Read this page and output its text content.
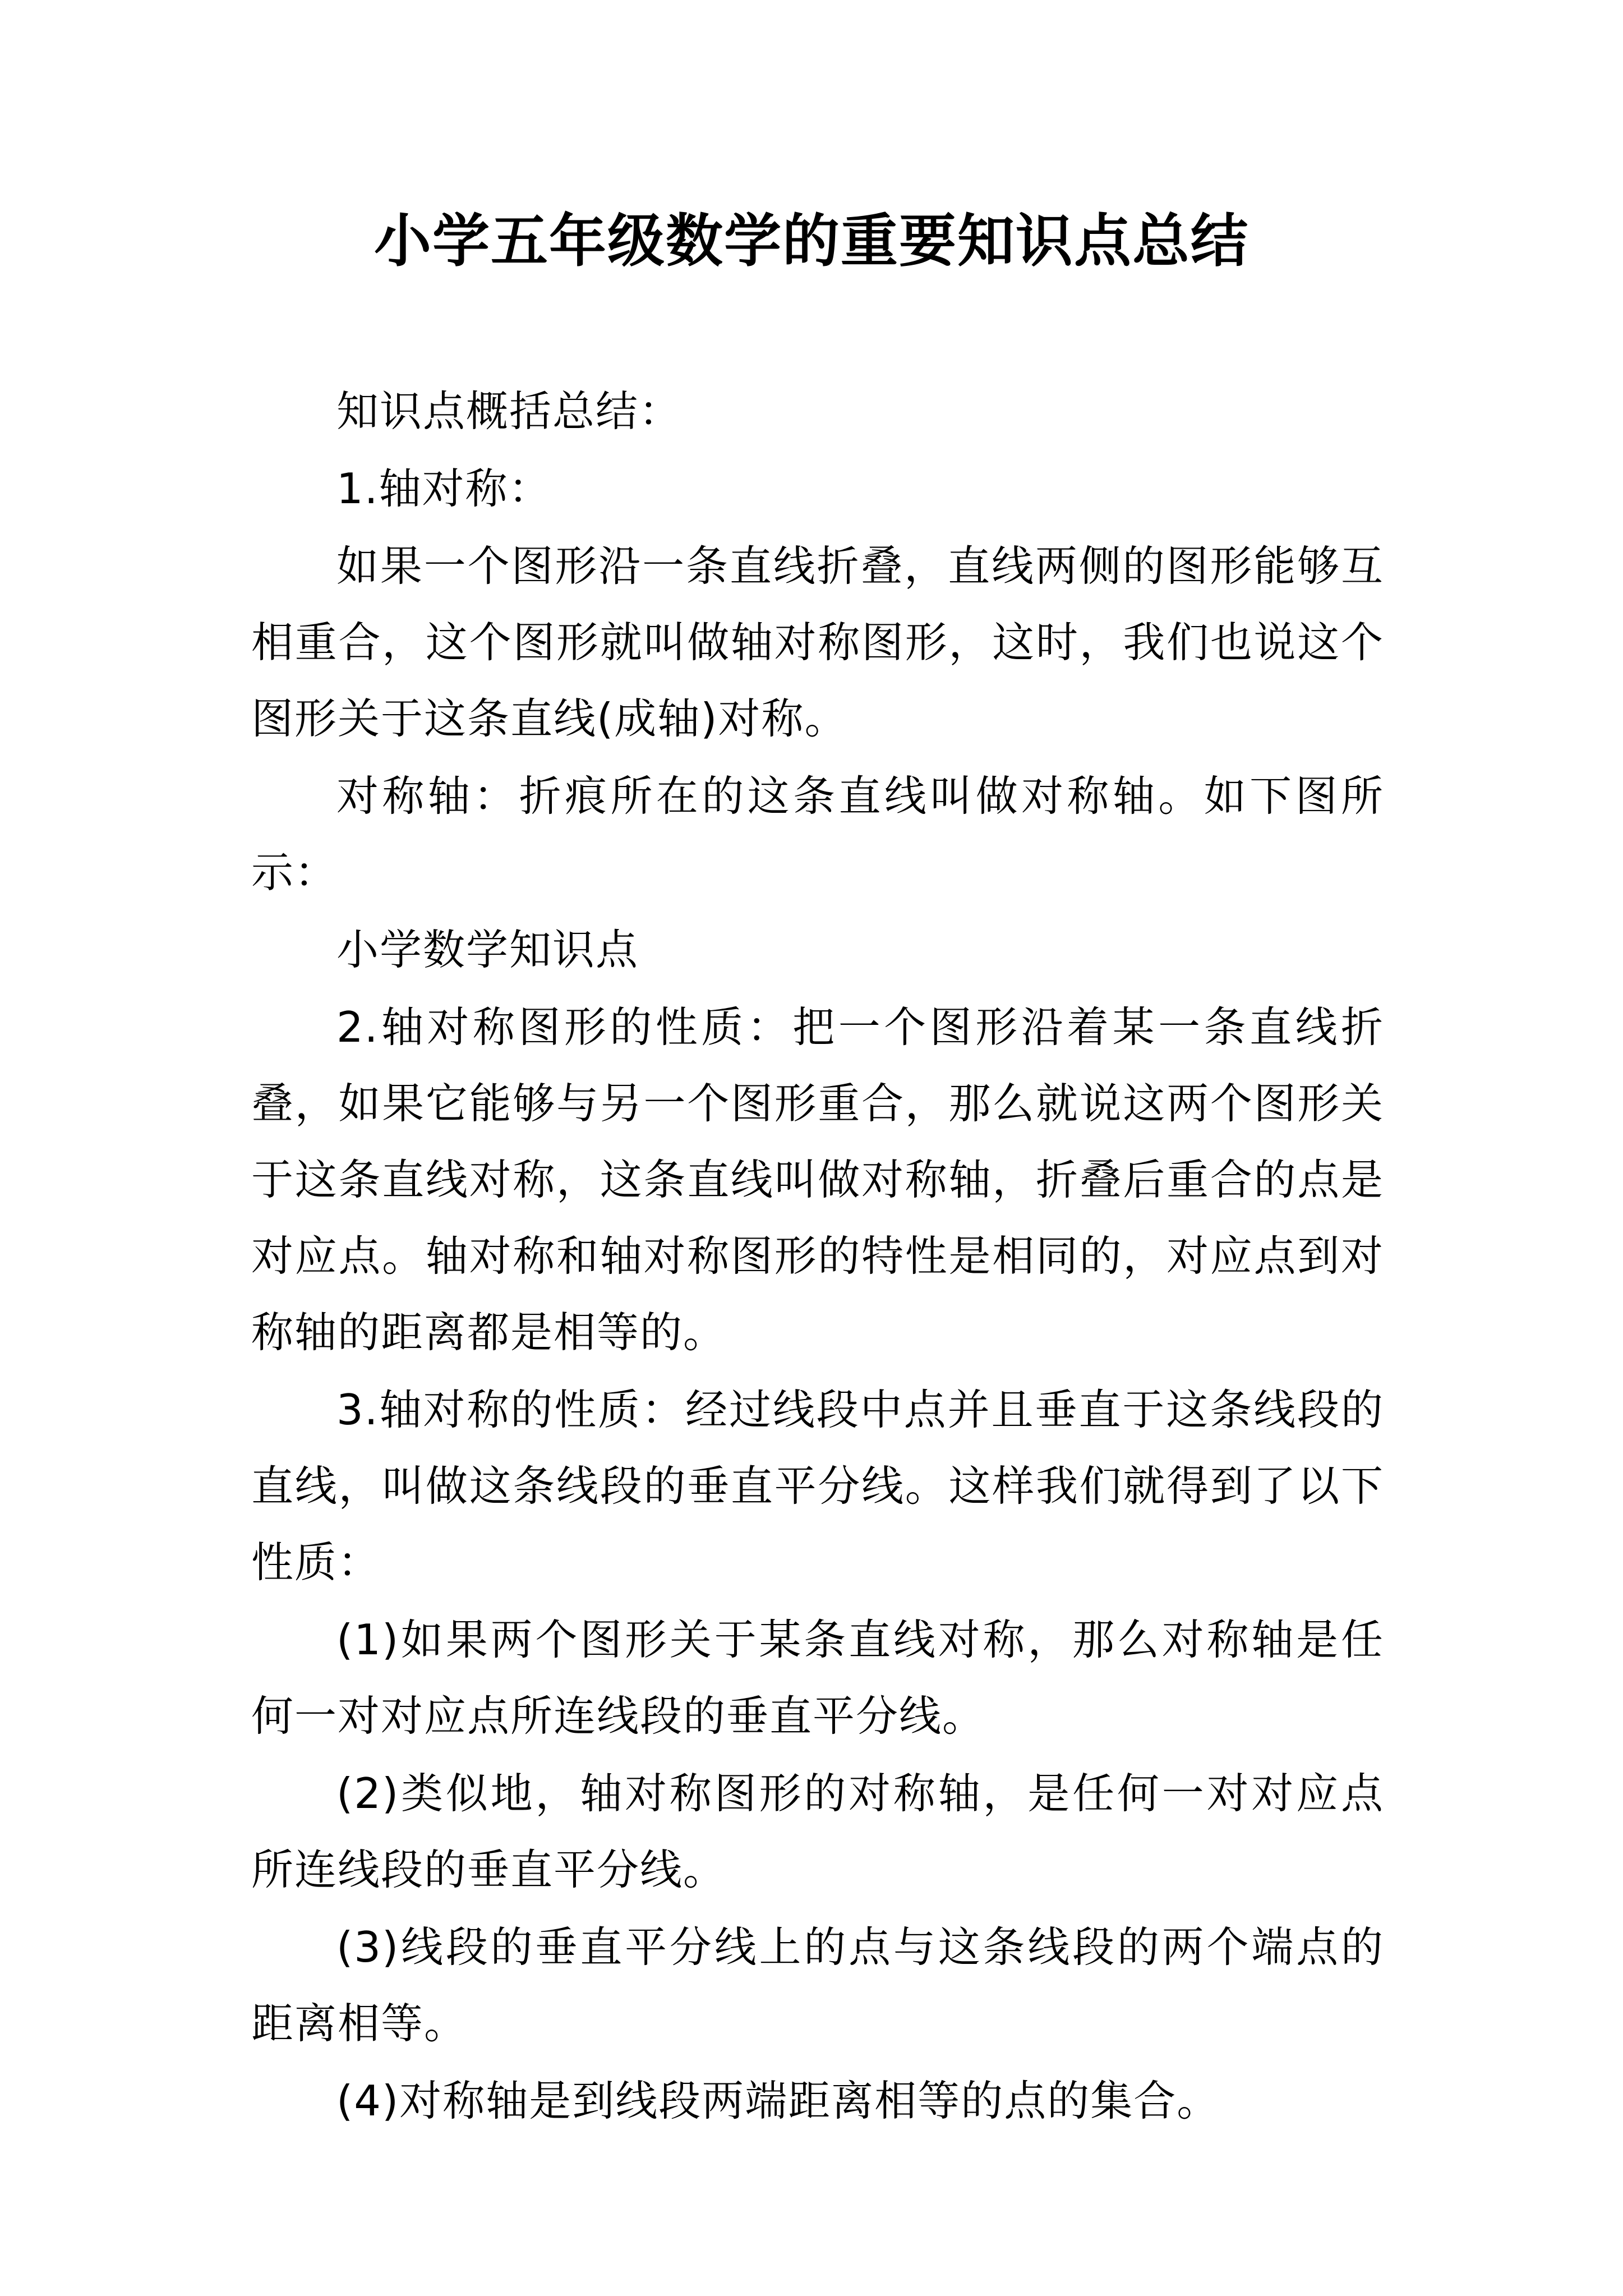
小学五年级数学的重要知识点总结

知识点概括总结：

1.轴对称：

如果一个图形沿一条直线折叠，直线两侧的图形能够互相重合，这个图形就叫做轴对称图形，这时，我们也说这个图形关于这条直线(成轴)对称。

对称轴：折痕所在的这条直线叫做对称轴。如下图所示：

小学数学知识点

2.轴对称图形的性质：把一个图形沿着某一条直线折叠，如果它能够与另一个图形重合，那么就说这两个图形关于这条直线对称，这条直线叫做对称轴，折叠后重合的点是对应点。轴对称和轴对称图形的特性是相同的，对应点到对称轴的距离都是相等的。

3.轴对称的性质：经过线段中点并且垂直于这条线段的直线，叫做这条线段的垂直平分线。这样我们就得到了以下性质：

(1)如果两个图形关于某条直线对称，那么对称轴是任何一对对应点所连线段的垂直平分线。

(2)类似地，轴对称图形的对称轴，是任何一对对应点所连线段的垂直平分线。

(3)线段的垂直平分线上的点与这条线段的两个端点的距离相等。

(4)对称轴是到线段两端距离相等的点的集合。
